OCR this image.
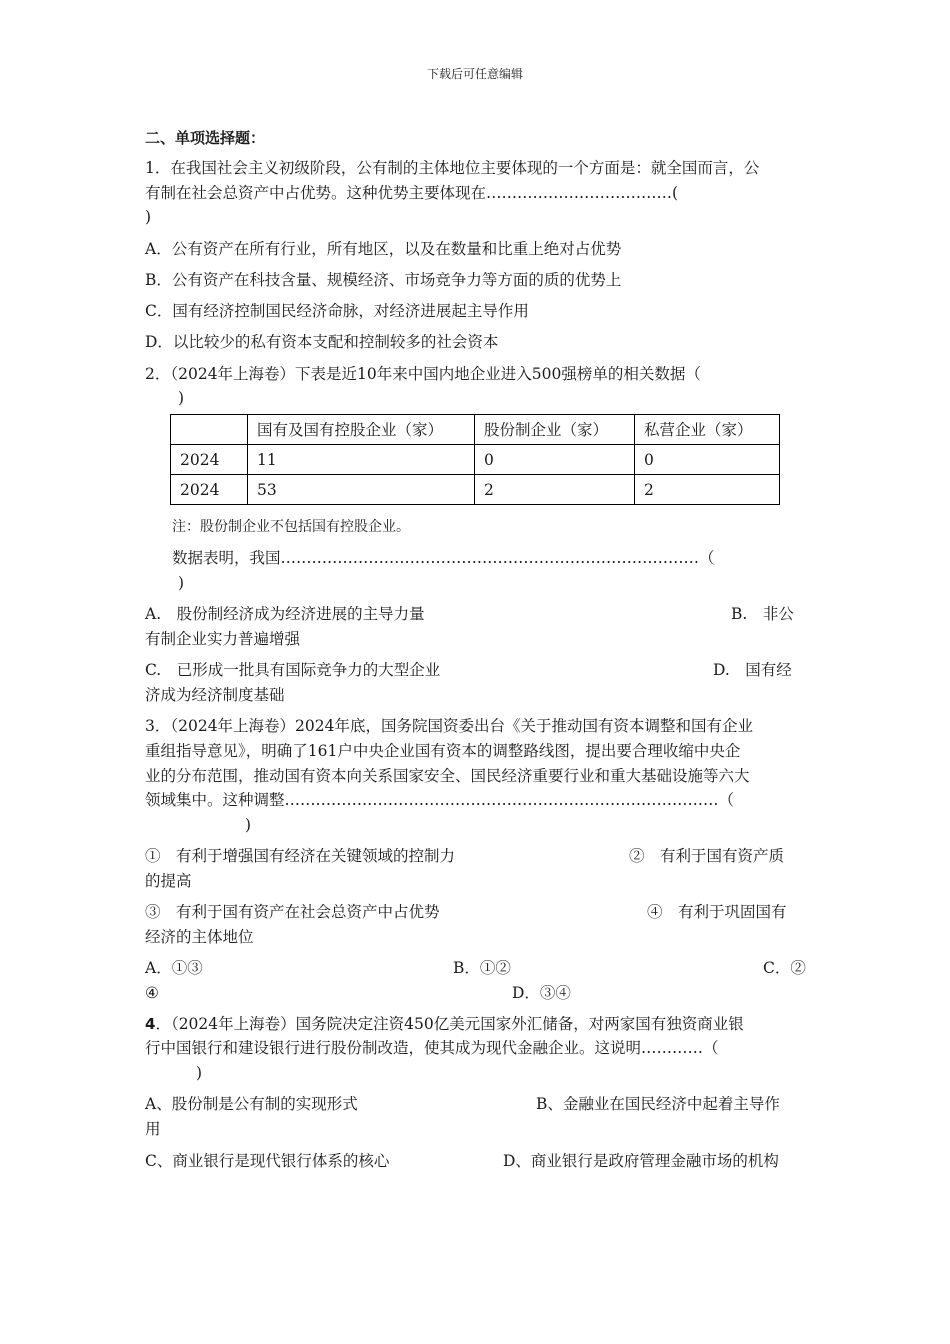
下载后可任意编辑
二、单项选择题：
1．在我国社会主义初级阶段，公有制的主体地位主要体现的一个方面是：就全国而言，公
有制在社会总资产中占优势。这种优势主要体现在………………………………(
)
A．公有资产在所有行业，所有地区，以及在数量和比重上绝对占优势
B．公有资产在科技含量、规模经济、市场竞争力等方面的质的优势上
C．国有经济控制国民经济命脉，对经济进展起主导作用
D．以比较少的私有资本支配和控制较多的社会资本
2．（2024年上海卷）下表是近10年来中国内地企业进入500强榜单的相关数据（
)
	国有及国有控股企业（家）	股份制企业（家）	私营企业（家）
2024	11	0	0
2024	53	2	2
注：股份制企业不包括国有控股企业。
数据表明，我国………………………………………………………………………（
)
A.　股份制经济成为经济进展的主导力量	B.　非公
有制企业实力普遍增强
C.　已形成一批具有国际竞争力的大型企业	D.　国有经
济成为经济制度基础
3．（2024年上海卷）2024年底，国务院国资委出台《关于推动国有资本调整和国有企业
重组指导意见》，明确了161户中央企业国有资本的调整路线图，提出要合理收缩中央企
业的分布范围，推动国有资本向关系国家安全、国民经济重要行业和重大基础设施等六大
领域集中。这种调整…………………………………………………………………………（
)
①　有利于增强国有经济在关键领域的控制力	②　有利于国有资产质
的提高
③　有利于国有资产在社会总资产中占优势	④　有利于巩固国有
经济的主体地位
A．①③	B．①②	C．②
④	D．③④
4．（2024年上海卷）国务院决定注资450亿美元国家外汇储备，对两家国有独资商业银
行中国银行和建设银行进行股份制改造，使其成为现代金融企业。这说明…………（
)
A、股份制是公有制的实现形式	B、金融业在国民经济中起着主导作
用
C、商业银行是现代银行体系的核心	D、商业银行是政府管理金融市场的机构
